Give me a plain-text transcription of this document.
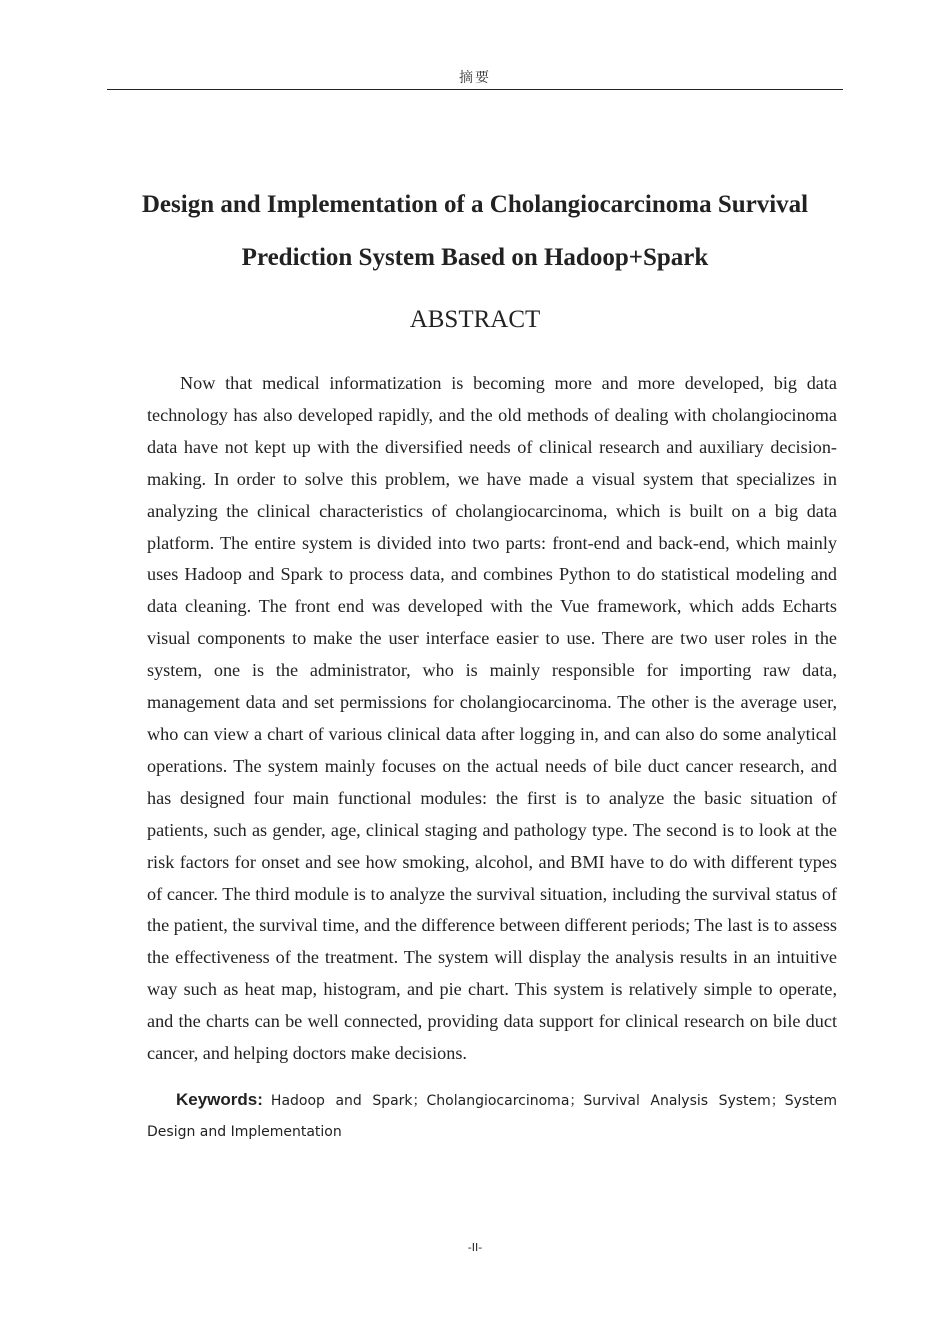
摘要
Design and Implementation of a Cholangiocarcinoma Survival
Prediction System Based on Hadoop+Spark
ABSTRACT

Now that medical informatization is becoming more and more developed, big data technology has also developed rapidly, and the old methods of dealing with cholangiocinoma data have not kept up with the diversified needs of clinical research and auxiliary decision-making. In order to solve this problem, we have made a visual system that specializes in analyzing the clinical characteristics of cholangiocarcinoma, which is built on a big data platform. The entire system is divided into two parts: front-end and back-end, which mainly uses Hadoop and Spark to process data, and combines Python to do statistical modeling and data cleaning. The front end was developed with the Vue framework, which adds Echarts visual components to make the user interface easier to use. There are two user roles in the system, one is the administrator, who is mainly responsible for importing raw data, management data and set permissions for cholangiocarcinoma. The other is the average user, who can view a chart of various clinical data after logging in, and can also do some analytical operations. The system mainly focuses on the actual needs of bile duct cancer research, and has designed four main functional modules: the first is to analyze the basic situation of patients, such as gender, age, clinical staging and pathology type. The second is to look at the risk factors for onset and see how smoking, alcohol, and BMI have to do with different types of cancer. The third module is to analyze the survival situation, including the survival status of the patient, the survival time, and the difference between different periods; The last is to assess the effectiveness of the treatment. The system will display the analysis results in an intuitive way such as heat map, histogram, and pie chart. This system is relatively simple to operate, and the charts can be well connected, providing data support for clinical research on bile duct cancer, and helping doctors make decisions.

Keywords: Hadoop and Spark；Cholangiocarcinoma；Survival Analysis System；System Design and Implementation

-II-
